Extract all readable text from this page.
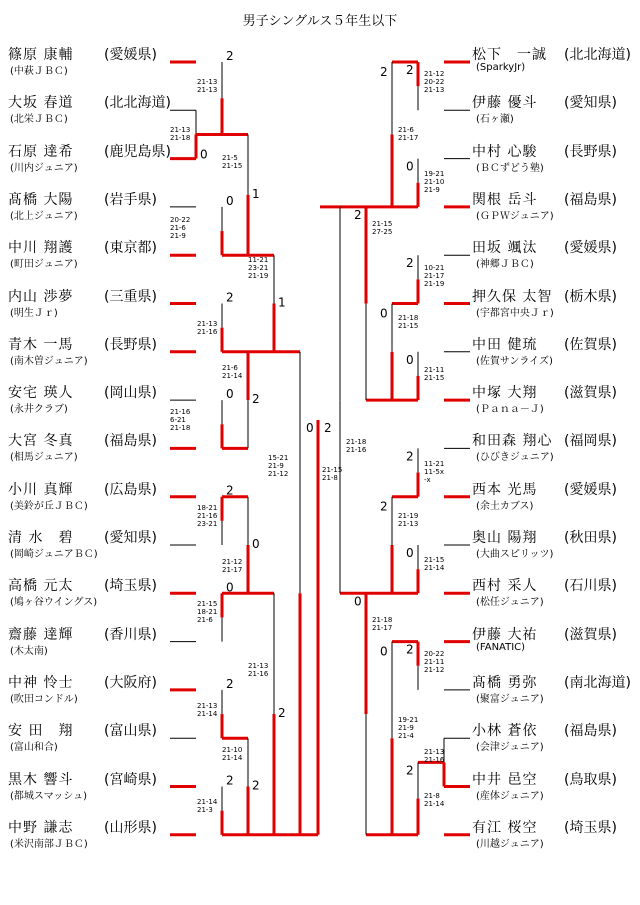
男子シングルス５年生以下
篠原 康輔 (愛媛県)
(中萩ＪＢＣ)
大坂 春道 (北北海道)
(北栄ＪＢＣ)
石原 達希 (鹿児島県)
(川内ジュニア)
髙橋 大陽 (岩手県)
(北上ジュニア)
中川 翔護 (東京都)
(町田ジュニア)
内山 渉夢 (三重県)
(明生Ｊｒ)
青木 一馬 (長野県)
(南木曽ジュニア)
安宅 瑛人 (岡山県)
(永井クラブ)
大宮 冬真 (福島県)
(相馬ジュニア)
小川 真輝 (広島県)
(美鈴が丘ＪＢＣ)
清 水　碧 (愛知県)
(岡崎ジュニアＢＣ)
高橋 元太 (埼玉県)
(鳩ヶ谷ウイングス)
齋藤 達輝 (香川県)
(木太南)
中神 怜士 (大阪府)
(吹田コンドル)
安 田　翔 (富山県)
(富山和合)
黒木 響斗 (宮崎県)
(都城スマッシュ)
中野 謙志 (山形県)
(米沢南部ＪＢＣ)
松下　一誠 (北北海道)
(SparkyJr)
伊藤 優斗 (愛知県)
(石ヶ瀬)
中村 心駿 (長野県)
(ＢＣずどう塾)
関根 岳斗 (福島県)
(ＧＰＷジュニア)
田坂 颯汰 (愛媛県)
(神郷ＪＢＣ)
押久保 太智 (栃木県)
(宇都宮中央Ｊｒ)
中田 健琉 (佐賀県)
(佐賀サンライズ)
中塚 大翔 (滋賀県)
(Ｐａｎａ－Ｊ)
和田森 翔心 (福岡県)
(ひびきジュニア)
西本 光馬 (愛媛県)
(余土カブス)
奥山 陽翔 (秋田県)
(大曲スピリッツ)
西村 采人 (石川県)
(松任ジュニア)
伊藤 大祐 (滋賀県)
(FANATIC)
髙橋 勇弥 (南北海道)
(聚富ジュニア)
小林 蒼依 (福島県)
(会津ジュニア)
中井 邑空 (鳥取県)
(産体ジュニア)
有江 桜空 (埼玉県)
(川越ジュニア)
0
2
0
2
0
2
0
2
2
1
2
0
2
1
2
2
0
2
0
2
0
2
2
2
0
2
0
2
0
0 2
21-15
21-8
21-13
21-13
21-13
21-18
20-22
21-6
21-9
21-13
21-16
21-16
6-21
21-18
18-21
21-16
23-21
21-15
18-21
21-6
21-13
21-14
21-14
21-3
21-5
21-15
21-6
21-14
21-12
21-17
21-10
21-14
11-21
23-21
21-19
21-13
21-16
15-21
21-9
21-12
21-12
20-22
21-13
19-21
21-10
21-9
10-21
21-17
21-19
21-11
21-15
11-21
11-5x
-x
21-15
21-14
20-22
21-11
21-12
21-13
21-16
21-8
21-14
21-6
21-17
21-18
21-15
21-19
21-13
19-21
21-9
21-4
21-15
27-25
21-18
21-17
21-18
21-16
